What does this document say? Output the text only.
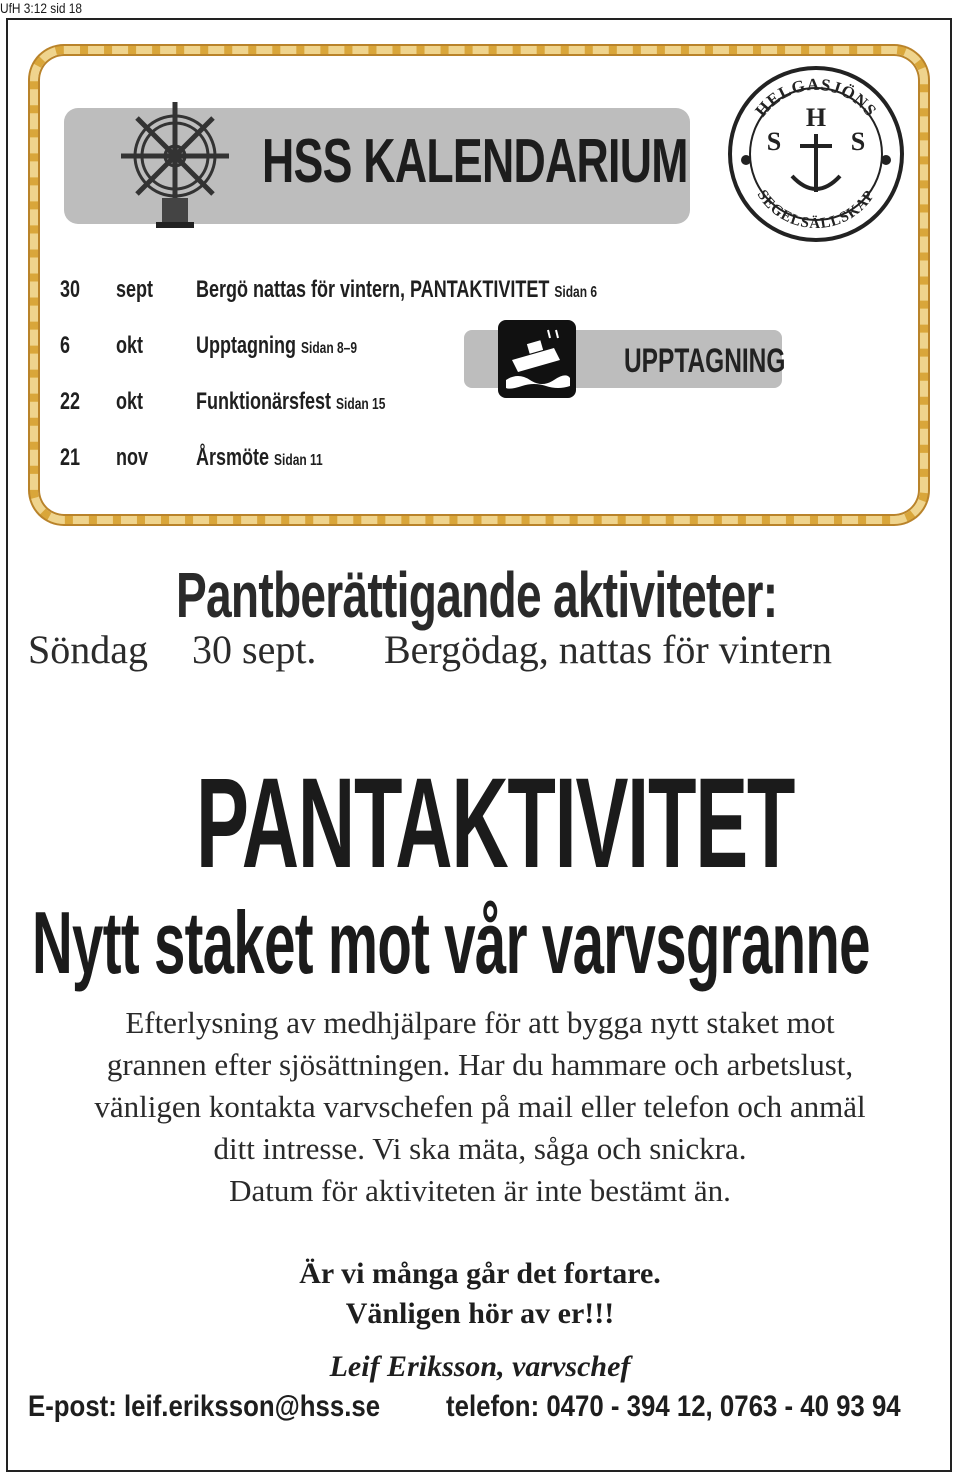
UfH 3:12 sid 18
HSS KALENDARIUM
HELGASJÖNS
SEGELSÄLLSKAP
H
S	S
30 sept Bergö nattas för vintern, PANTAKTIVITET Sidan 6
6 okt Upptagning Sidan 8–9
22 okt Funktionärsfest Sidan 15
21 nov Årsmöte Sidan 11
UPPTAGNING
Pantberättigande aktiviteter:
Söndag 30 sept. Bergödag, nattas för vintern
PANTAKTIVITET
Nytt staket mot vår varvsgranne
Efterlysning av medhjälpare för att bygga nytt staket mot
grannen efter sjösättningen. Har du hammare och arbetslust,
vänligen kontakta varvschefen på mail eller telefon och anmäl
ditt intresse. Vi ska mäta, såga och snickra.
Datum för aktiviteten är inte bestämt än.
Är vi många går det fortare.
Vänligen hör av er!!!
Leif Eriksson, varvschef
E-post: leif.eriksson@hss.se telefon: 0470 - 394 12, 0763 - 40 93 94
